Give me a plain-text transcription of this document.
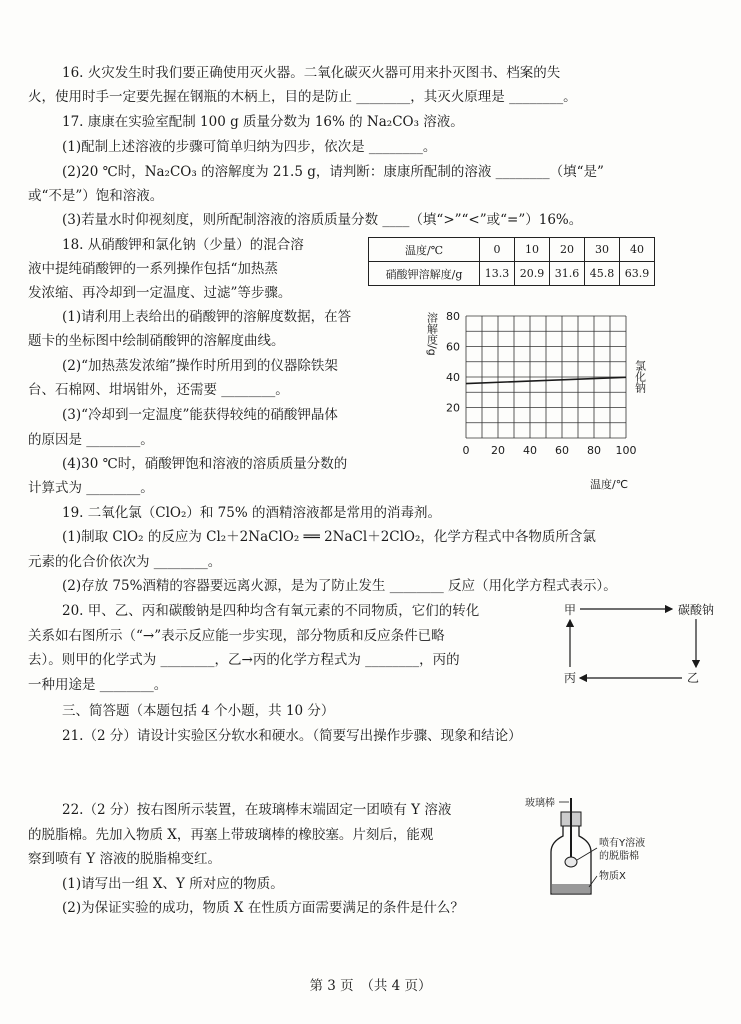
16. 火灾发生时我们要正确使用灭火器。二氧化碳灭火器可用来扑灭图书、档案的失
火，使用时手一定要先握在钢瓶的木柄上，目的是防止 ________，其灭火原理是 ________。
17. 康康在实验室配制 100 g 质量分数为 16% 的 Na₂CO₃ 溶液。
(1)配制上述溶液的步骤可简单归纳为四步，依次是 ________。
(2)20 ℃时，Na₂CO₃ 的溶解度为 21.5 g，请判断：康康所配制的溶液 ________（填“是”
或“不是”）饱和溶液。
(3)若量水时仰视刻度，则所配制溶液的溶质质量分数 ____（填“>”“<”或“=”）16%。
18. 从硝酸钾和氯化钠（少量）的混合溶
液中提纯硝酸钾的一系列操作包括“加热蒸
发浓缩、再冷却到一定温度、过滤”等步骤。
温度/℃	0	10	20	30	40
硝酸钾溶解度/g	13.3	20.9	31.6	45.8	63.9
(1)请利用上表给出的硝酸钾的溶解度数据，在答
题卡的坐标图中绘制硝酸钾的溶解度曲线。
(2)“加热蒸发浓缩”操作时所用到的仪器除铁架
台、石棉网、坩埚钳外，还需要 ________。
(3)“冷却到一定温度”能获得较纯的硝酸钾晶体
的原因是 ________。
(4)30 ℃时，硝酸钾饱和溶液的溶质质量分数的
计算式为 ________。
溶解度/g
0 20 40 60 80 100
20
40
60
80
氯化钠
温度/℃
19. 二氧化氯（ClO₂）和 75% 的酒精溶液都是常用的消毒剂。
(1)制取 ClO₂ 的反应为 Cl₂＋2NaClO₂ ══ 2NaCl＋2ClO₂，化学方程式中各物质所含氯
元素的化合价依次为 ________。
(2)存放 75%酒精的容器要远离火源，是为了防止发生 ________ 反应（用化学方程式表示）。
20. 甲、乙、丙和碳酸钠是四种均含有氧元素的不同物质，它们的转化
关系如右图所示（“→”表示反应能一步实现，部分物质和反应条件已略
去）。则甲的化学式为 ________，乙→丙的化学方程式为 ________，丙的
一种用途是 ________。
甲	碳酸钠
乙
丙
三、简答题（本题包括 4 个小题，共 10 分）
21.（2 分）请设计实验区分软水和硬水。（简要写出操作步骤、现象和结论）
22.（2 分）按右图所示装置，在玻璃棒末端固定一团喷有 Y 溶液
的脱脂棉。先加入物质 X，再塞上带玻璃棒的橡胶塞。片刻后，能观
察到喷有 Y 溶液的脱脂棉变红。
(1)请写出一组 X、Y 所对应的物质。
(2)为保证实验的成功，物质 X 在性质方面需要满足的条件是什么？
玻璃棒
喷有Y溶液
的脱脂棉
物质X
第 3 页　（共 4 页）
